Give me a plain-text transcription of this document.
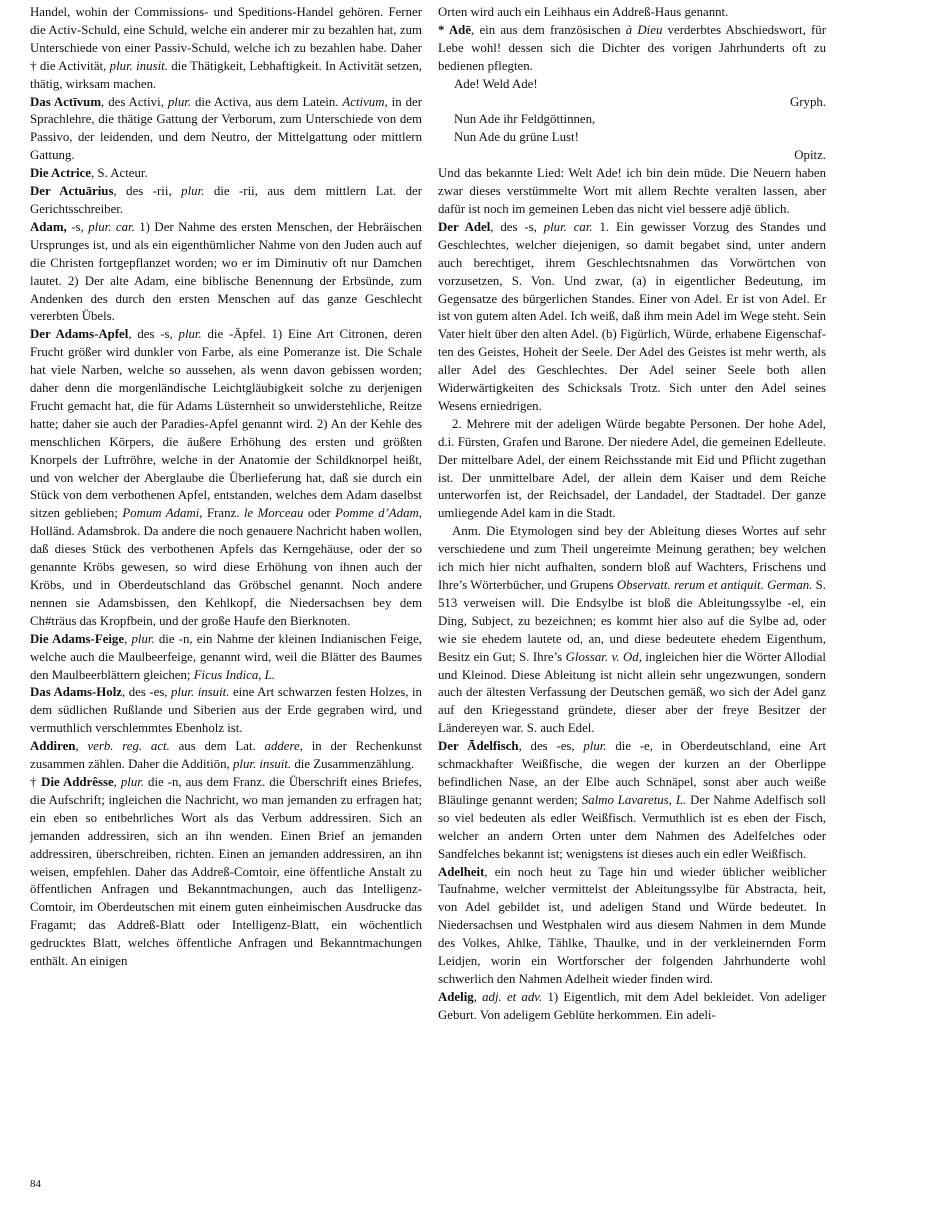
Handel, wohin der Commissions- und Speditions-Handel gehören. Ferner die Activ-Schuld, eine Schuld, welche ein anderer mir zu bezahlen hat, zum Unterschiede von einer Passiv-Schuld, welche ich zu bezahlen habe. Daher † die Activität, plur. inusit. die Thätigkeit, Lebhaftigkeit. In Activität setzen, thätig, wirksam machen.

Das Actīvum, des Activi, plur. die Activa, aus dem Latein. Activum, in der Sprachlehre, die thätige Gattung der Verborum, zum Unterschiede von dem Passivo, der leidenden, und dem Neutro, der Mittelgattung oder mittlern Gattung.

Die Actrice, S. Acteur.

Der Actuārius, des -rii, plur. die -rii, aus dem mittlern Lat. der Gerichtsschreiber.

Adam, -s, plur. car. 1) Der Nahme des ersten Menschen, der Hebräischen Ursprunges ist, und als ein eigenthümlicher Nahme von den Juden auch auf die Christen fortgepflanzet worden; wo er im Diminutiv oft nur Damchen lautet. 2) Der alte Adam, eine biblische Benennung der Erbsünde, zum Andenken des durch den ersten Menschen auf das ganze Geschlecht vererbten Übels.

Der Adams-Apfel, des -s, plur. die -Äpfel. 1) Eine Art Citronen, deren Frucht größer wird dunkler von Farbe, als eine Pomeranze ist. Die Schale hat viele Narben, welche so aussehen, als wenn davon gebissen worden; daher denn die morgenländische Leichtgläubigkeit solche zu derjenigen Frucht gemacht hat, die für Adams Lüsternheit so unwiderstehliche, Reitze hatte; daher sie auch der Paradies-Apfel genannt wird. 2) An der Kehle des menschlichen Körpers, die äußere Erhöhung des ersten und größten Knorpels der Luftröhre, welche in der Anatomie der Schildknorpel heißt, und von welcher der Aberglaube die Überlieferung hat, daß sie durch ein Stück von dem verbothenen Apfel, entstanden, welches dem Adam daselbst sitzen geblieben; Pomum Adami, Franz. le Morceau oder Pomme d’Adam, Holländ. Adamsbrok. Da andere die noch genauere Nachricht haben wollen, daß dieses Stück des verbothenen Apfels das Kerngehäuse, oder der so genannte Kröbs gewesen, so wird diese Erhöhung von ihnen auch der Kröbs, und in Oberdeutschland das Gröbschel genannt. Noch andere nennen sie Adamsbissen, den Kehlkopf, die Niedersachsen bey dem Ch#träus das Kropfbein, und der große Haufe den Bierknoten.

Die Adams-Feige, plur. die -n, ein Nahme der kleinen Indianischen Feige, welche auch die Maulbeerfeige, genannt wird, weil die Blätter des Baumes den Maulbeerblättern gleichen; Ficus Indica, L.

Das Adams-Holz, des -es, plur. insuit. eine Art schwarzen festen Holzes, in dem südlichen Rußlande und Siberien aus der Erde gegraben wird, und vermuthlich verschlemmtes Ebenholz ist.

Addiren, verb. reg. act. aus dem Lat. addere, in der Rechenkunst zusammen zählen. Daher die Additiōn, plur. insuit. die Zusammenzählung.

† Die Addrêsse, plur. die -n, aus dem Franz. die Überschrift eines Briefes, die Aufschrift; ingleichen die Nachricht, wo man jemanden zu erfragen hat; ein eben so entbehrliches Wort als das Verbum addressiren. Sich an jemanden addressiren, sich an ihn wenden. Einen Brief an jemanden addressiren, überschreiben, richten. Einen an jemanden addressiren, an ihn weisen, empfehlen. Daher das Addreß-Comtoir, eine öffentliche Anstalt zu öffentlichen Anfragen und Bekanntmachungen, auch das Intelligenz-Comtoir, im Oberdeutschen mit einem guten einheimischen Ausdrucke das Fragamt; das Addreß-Blatt oder Intelligenz-Blatt, ein wöchentlich gedrucktes Blatt, welches öffentliche Anfragen und Bekanntmachungen enthält. An einigen

Orten wird auch ein Leihhaus ein Addreß-Haus genannt.

* Adē, ein aus dem französischen à Dieu verderbtes Abschiedswort, für Lebe wohl! dessen sich die Dichter des vorigen Jahrhunderts oft zu bedienen pflegten.

Ade! Weld Ade!
Gryph.
Nun Ade ihr Feldgöttinnen,
Nun Ade du grüne Lust!
Opitz.

Und das bekannte Lied: Welt Ade! ich bin dein müde. Die Neuern haben zwar dieses verstümmelte Wort mit allem Rechte veralten lassen, aber dafür ist noch im gemeinen Leben das nicht viel bessere adjē üblich.

Der Adel, des -s, plur. car. 1. Ein gewisser Vorzug des Standes und Geschlechtes, welcher diejenigen, so damit begabet sind, unter andern auch berechtiget, ihrem Geschlechtsnahmen das Vorwörtchen von vorzusetzen, S. Von. Und zwar, (a) in eigentlicher Bedeutung, im Gegensatze des bürgerlichen Standes. Einer von Adel. Er ist von Adel. Er ist von gutem alten Adel. Ich weiß, daß ihm mein Adel im Wege steht. Sein Vater hielt über den alten Adel. (b) Figürlich, Würde, erhabene Eigenschaften des Geistes, Hoheit der Seele. Der Adel des Geistes ist mehr werth, als aller Adel des Geschlechtes. Der Adel seiner Seele both allen Widerwärtigkeiten des Schicksals Trotz. Sich unter den Adel seines Wesens erniedrigen.

2. Mehrere mit der adeligen Würde begabte Personen. Der hohe Adel, d.i. Fürsten, Grafen und Barone. Der niedere Adel, die gemeinen Edelleute. Der mittelbare Adel, der einem Reichsstande mit Eid und Pflicht zugethan ist. Der unmittelbare Adel, der allein dem Kaiser und dem Reiche unterworfen ist, der Reichsadel, der Landadel, der Stadtadel. Der ganze umliegende Adel kam in die Stadt.

Anm. Die Etymologen sind bey der Ableitung dieses Wortes auf sehr verschiedene und zum Theil ungereimte Meinung gerathen; bey welchen ich mich hier nicht aufhalten, sondern bloß auf Wachters, Frischens und Ihre’s Wörterbücher, und Grupens Observatt. rerum et antiquit. German. S. 513 verweisen will. Die Endsylbe ist bloß die Ableitungssylbe -el, ein Ding, Subject, zu bezeichnen; es kommt hier also auf die Sylbe ad, oder wie sie ehedem lautete od, an, und diese bedeutete ehedem Eigenthum, Besitz ein Gut; S. Ihre’s Glossar. v. Od, ingleichen hier die Wörter Allodial und Kleinod. Diese Ableitung ist nicht allein sehr ungezwungen, sondern auch der ältesten Verfassung der Deutschen gemäß, wo sich der Adel ganz auf den Kriegesstand gründete, dieser aber der freye Besitzer der Ländereyen war. S. auch Edel.

Der Ādelfisch, des -es, plur. die -e, in Oberdeutschland, eine Art schmackhafter Weißfische, die wegen der kurzen an der Oberlippe befindlichen Nase, an der Elbe auch Schnäpel, sonst aber auch weiße Bläulinge genannt werden; Salmo Lavaretus, L. Der Nahme Adelfisch soll so viel bedeuten als edler Weißfisch. Vermuthlich ist es eben der Fisch, welcher an andern Orten unter dem Nahmen des Adelfelches oder Sandfelches bekannt ist; wenigstens ist dieses auch ein edler Weißfisch.

Adelheit, ein noch heut zu Tage hin und wieder üblicher weiblicher Taufnahme, welcher vermittelst der Ableitungssylbe für Abstracta, heit, von Adel gebildet ist, und adeligen Stand und Würde bedeutet. In Niedersachsen und Westphalen wird aus diesem Nahmen in dem Munde des Volkes, Ahlke, Tählke, Thaulke, und in der verkleinernden Form Leidjen, worin ein Wortforscher der folgenden Jahrhunderte wohl schwerlich den Nahmen Adelheit wieder finden wird.

Adelig, adj. et adv. 1) Eigentlich, mit dem Adel bekleidet. Von adeliger Geburt. Von adeligem Geblüte herkommen. Ein adeli-

84
